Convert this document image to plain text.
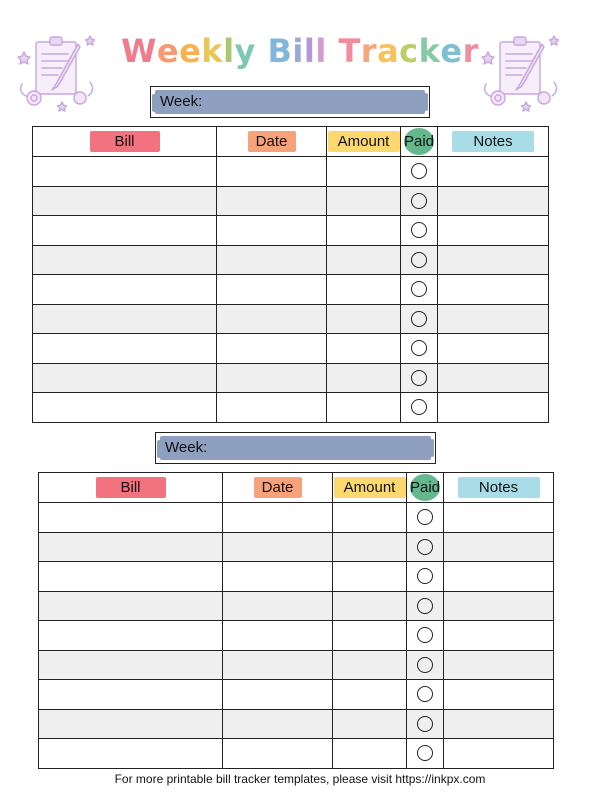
Weekly Bill Tracker
Week:
Bill	Date	Amount	Paid	Notes

Week:
Bill	Date	Amount	Paid	Notes

For more printable bill tracker templates, please visit https://inkpx.com
